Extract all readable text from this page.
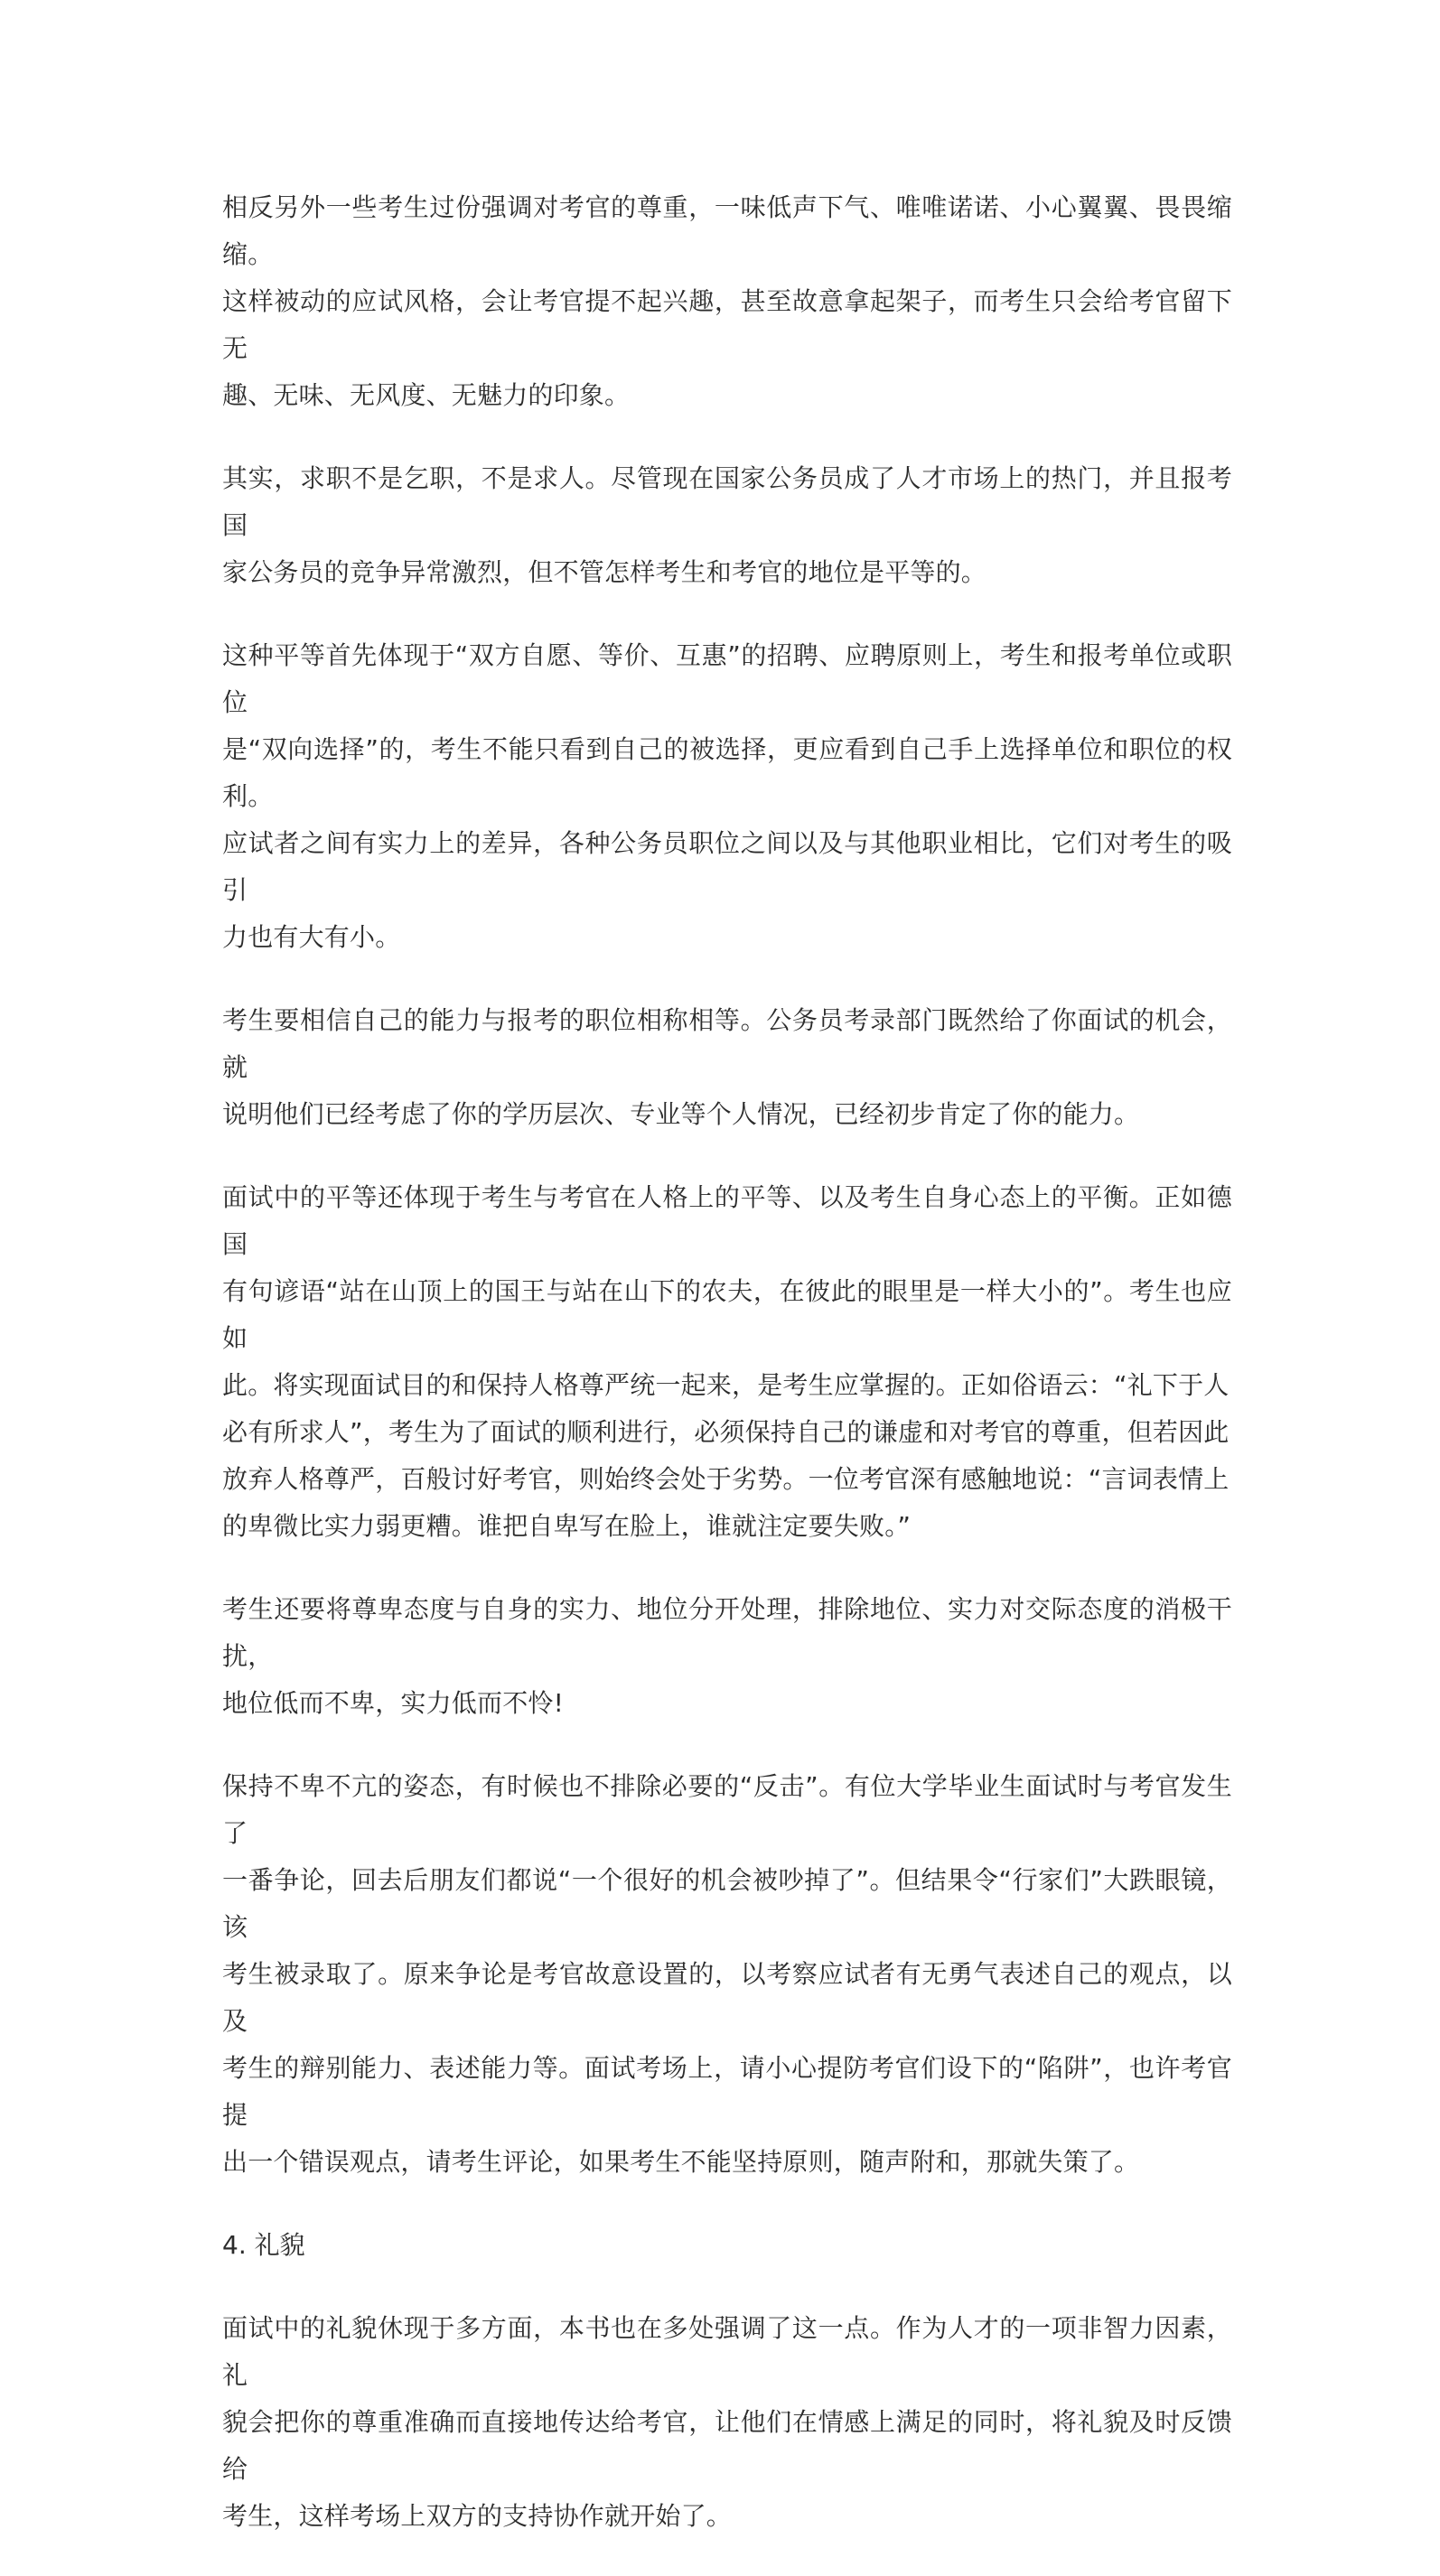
相反另外一些考生过份强调对考官的尊重，一味低声下气、唯唯诺诺、小心翼翼、畏畏缩缩。
这样被动的应试风格，会让考官提不起兴趣，甚至故意拿起架子，而考生只会给考官留下无
趣、无味、无风度、无魅力的印象。

其实，求职不是乞职，不是求人。尽管现在国家公务员成了人才市场上的热门，并且报考国
家公务员的竞争异常激烈，但不管怎样考生和考官的地位是平等的。

这种平等首先体现于“双方自愿、等价、互惠”的招聘、应聘原则上，考生和报考单位或职位
是“双向选择”的，考生不能只看到自己的被选择，更应看到自己手上选择单位和职位的权利。
应试者之间有实力上的差异，各种公务员职位之间以及与其他职业相比，它们对考生的吸引
力也有大有小。

考生要相信自己的能力与报考的职位相称相等。公务员考录部门既然给了你面试的机会，就
说明他们已经考虑了你的学历层次、专业等个人情况，已经初步肯定了你的能力。

面试中的平等还体现于考生与考官在人格上的平等、以及考生自身心态上的平衡。正如德国
有句谚语“站在山顶上的国王与站在山下的农夫，在彼此的眼里是一样大小的”。考生也应如
此。将实现面试目的和保持人格尊严统一起来，是考生应掌握的。正如俗语云：“礼下于人
必有所求人”，考生为了面试的顺利进行，必须保持自己的谦虚和对考官的尊重，但若因此
放弃人格尊严，百般讨好考官，则始终会处于劣势。一位考官深有感触地说：“言词表情上
的卑微比实力弱更糟。谁把自卑写在脸上，谁就注定要失败。”

考生还要将尊卑态度与自身的实力、地位分开处理，排除地位、实力对交际态度的消极干扰，
地位低而不卑，实力低而不怜!

保持不卑不亢的姿态，有时候也不排除必要的“反击”。有位大学毕业生面试时与考官发生了
一番争论，回去后朋友们都说“一个很好的机会被吵掉了”。但结果令“行家们”大跌眼镜，该
考生被录取了。原来争论是考官故意设置的，以考察应试者有无勇气表述自己的观点，以及
考生的辩别能力、表述能力等。面试考场上，请小心提防考官们设下的“陷阱”，也许考官提
出一个错误观点，请考生评论，如果考生不能坚持原则，随声附和，那就失策了。

4. 礼貌

面试中的礼貌休现于多方面，本书也在多处强调了这一点。作为人才的一项非智力因素，礼
貌会把你的尊重准确而直接地传达给考官，让他们在情感上满足的同时，将礼貌及时反馈给
考生，这样考场上双方的支持协作就开始了。
